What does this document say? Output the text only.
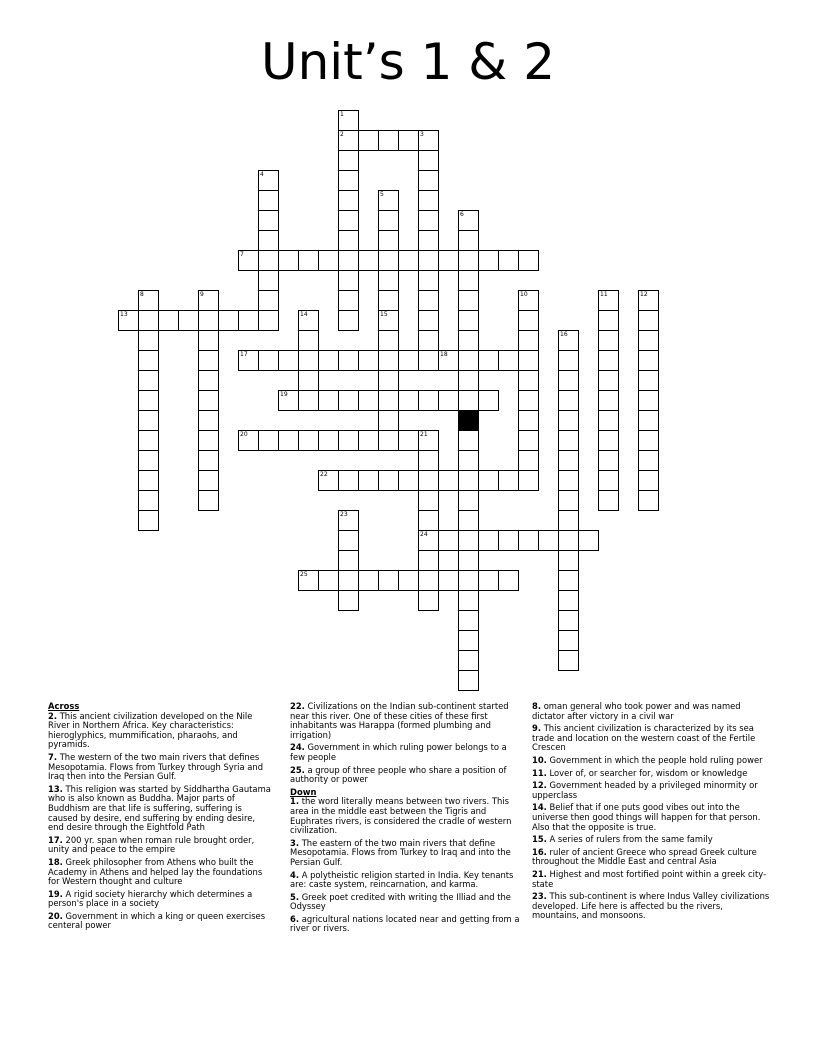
Unit’s 1 & 2
1
2	3
4
5
6
7
8	9	10	11	12
13	14	15
16
17	18
19
20	21
22
23
24
25

Across

2. This ancient civilization developed on the Nile River in Northern Africa. Key characteristics: hieroglyphics, mummification, pharaohs, and pyramids.

7. The western of the two main rivers that defines Mesopotamia. Flows from Turkey through Syria and Iraq then into the Persian Gulf.

13. This religion was started by Siddhartha Gautama who is also known as Buddha. Major parts of Buddhism are that life is suffering, suffering is caused by desire, end suffering by ending desire, end desire through the Eightfold Path

17. 200 yr. span when roman rule brought order, unity and peace to the empire

18. Greek philosopher from Athens who built the Academy in Athens and helped lay the foundations for Western thought and culture

19. A rigid society hierarchy which determines a person's place in a society

20. Government in which a king or queen exercises centeral power

22. Civilizations on the Indian sub-continent started near this river. One of these cities of these first inhabitants was Harappa (formed plumbing and irrigation)

24. Government in which ruling power belongs to a few people

25. a group of three people who share a position of authority or power

Down

1. the word literally means between two rivers. This area in the middle east between the Tigris and Euphrates rivers, is considered the cradle of western civilization.

3. The eastern of the two main rivers that define Mesopotamia. Flows from Turkey to Iraq and into the Persian Gulf.

4. A polytheistic religion started in India. Key tenants are: caste system, reincarnation, and karma.

5. Greek poet credited with writing the Illiad and the Odyssey

6. agricultural nations located near and getting from a river or rivers.

8. oman general who took power and was named dictator after victory in a civil war

9. This ancient civilization is characterized by its sea trade and location on the western coast of the Fertile Crescen

10. Government in which the people hold ruling power

11. Lover of, or searcher for, wisdom or knowledge

12. Government headed by a privileged minormity or upperclass

14. Belief that if one puts good vibes out into the universe then good things will happen for that person. Also that the opposite is true.

15. A series of rulers from the same family

16. ruler of ancient Greece who spread Greek culture throughout the Middle East and central Asia

21. Highest and most fortified point within a greek city-state

23. This sub-continent is where Indus Valley civilizations developed. Life here is affected bu the rivers, mountains, and monsoons.
